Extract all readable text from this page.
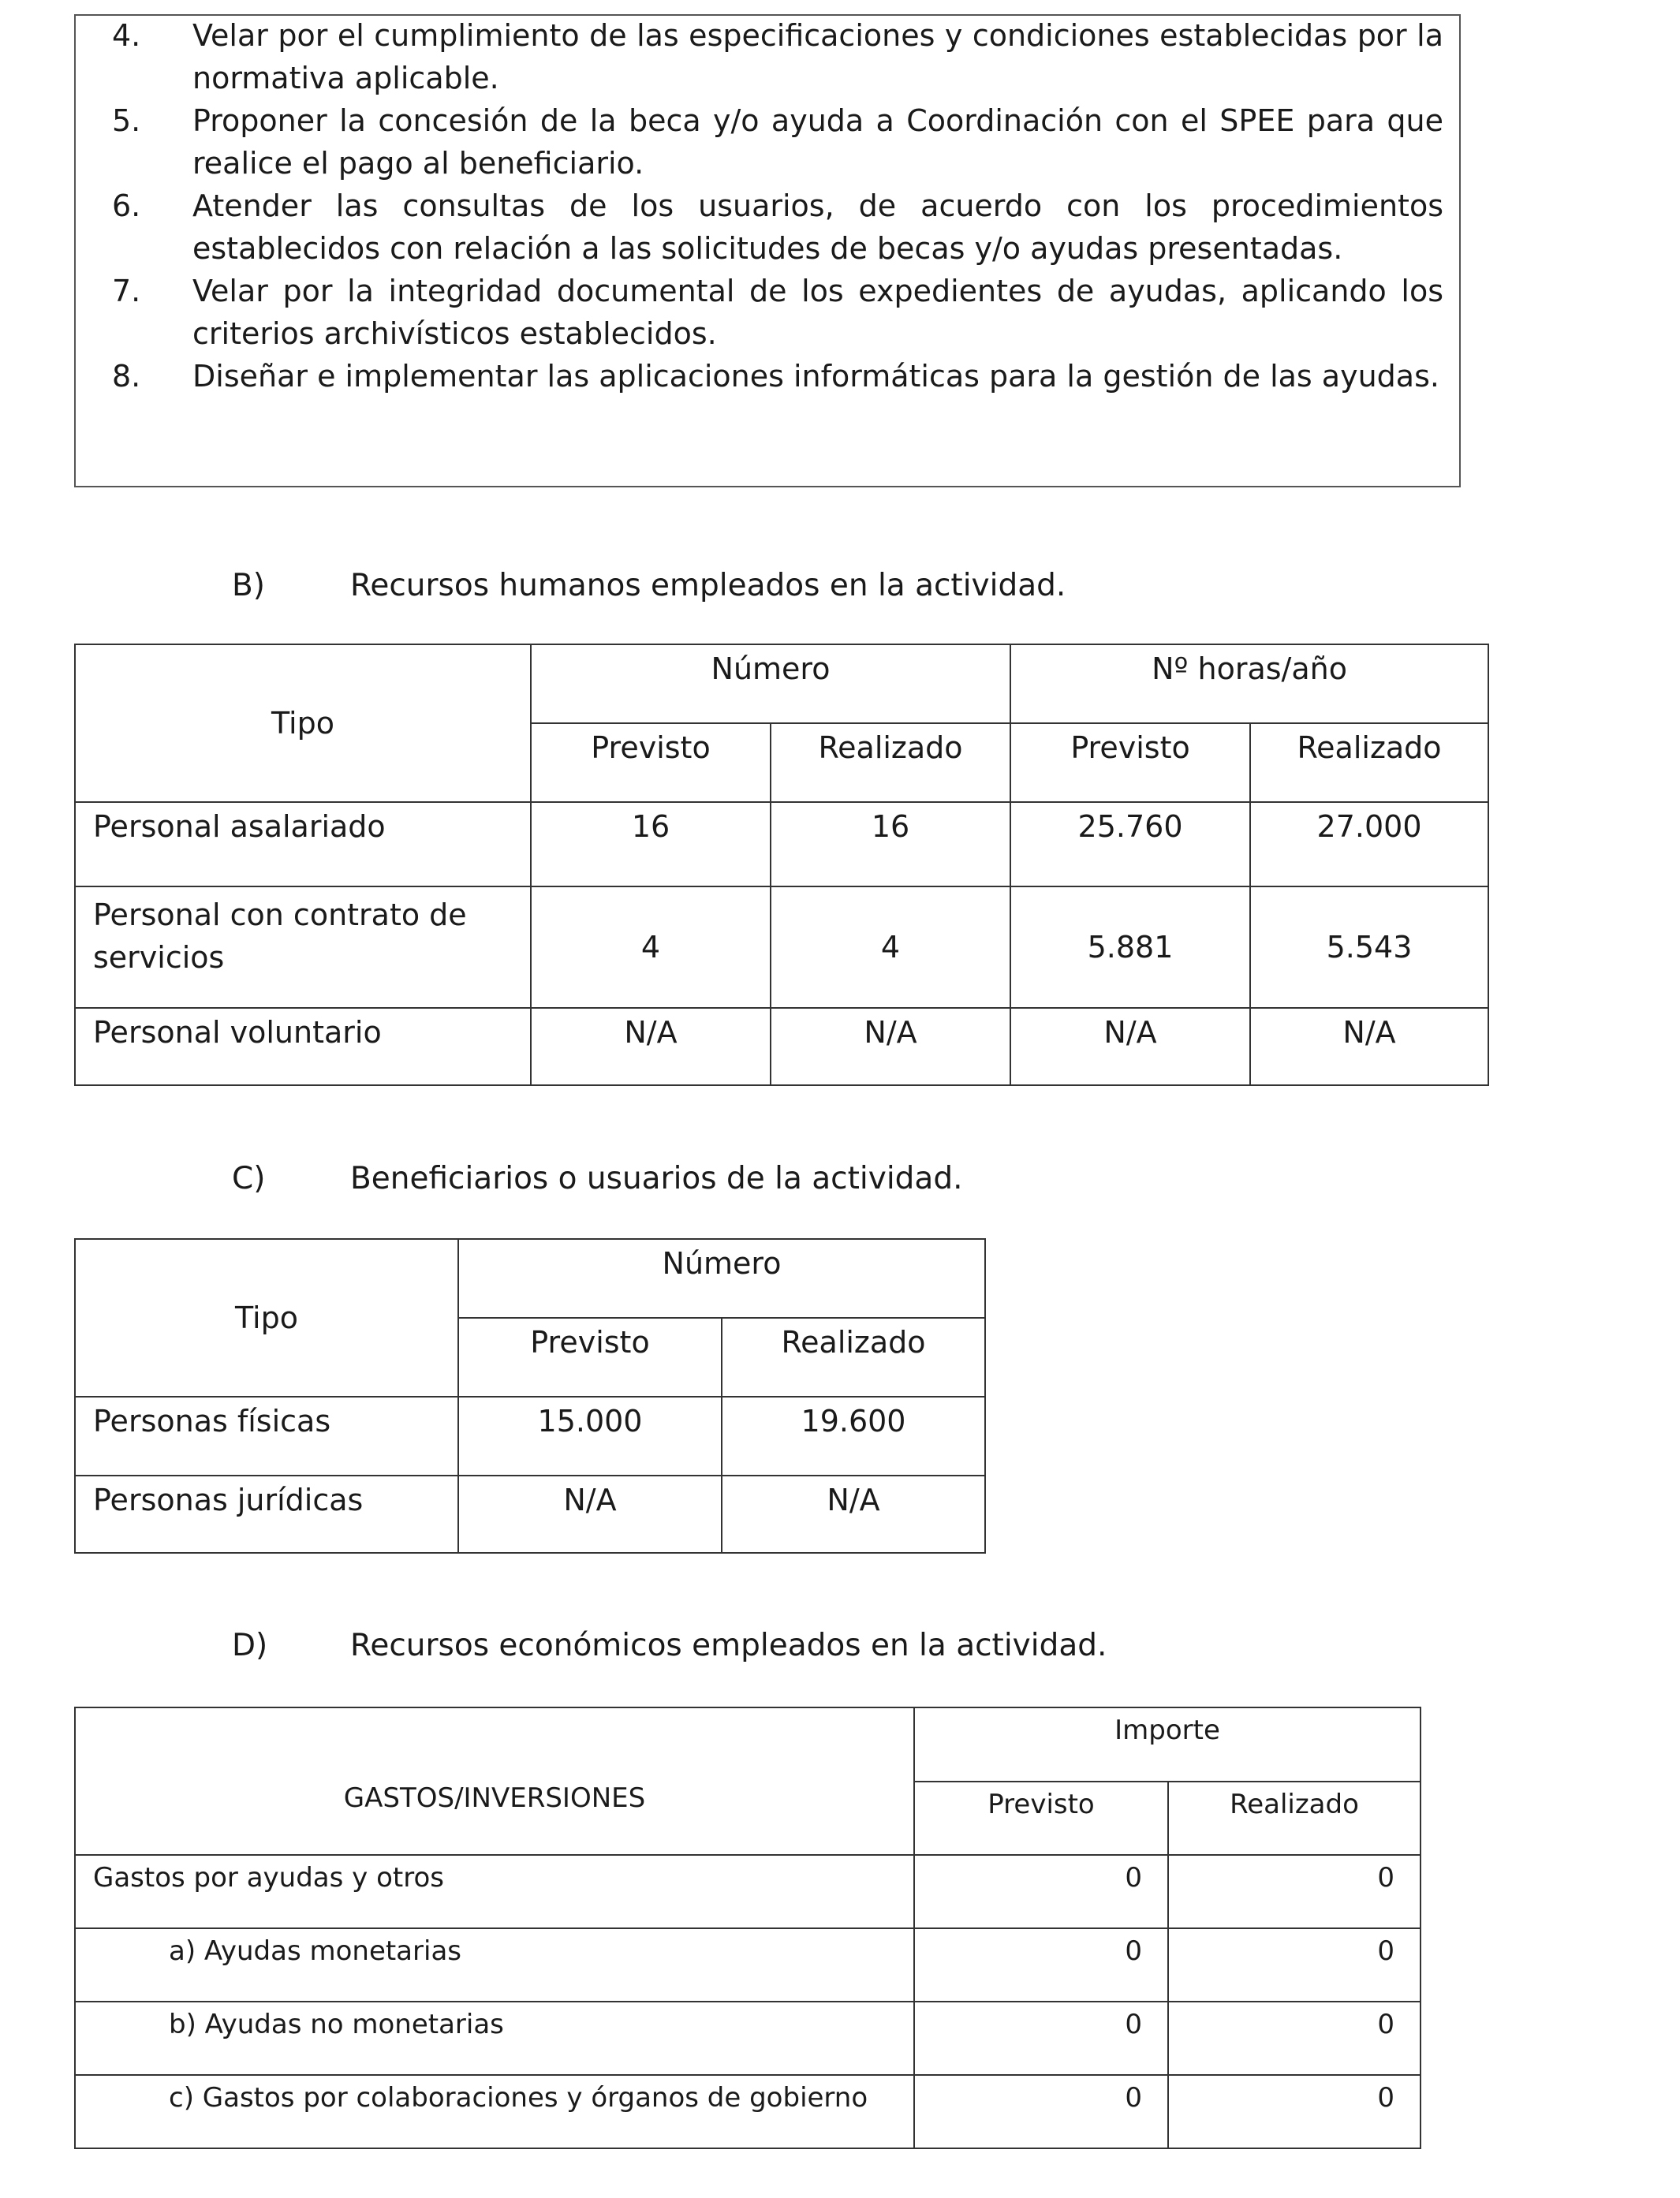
4. Velar por el cumplimiento de las especificaciones y condiciones establecidas por la normativa aplicable.
5. Proponer la concesión de la beca y/o ayuda a Coordinación con el SPEE para que realice el pago al beneficiario.
6. Atender las consultas de los usuarios, de acuerdo con los procedimientos establecidos con relación a las solicitudes de becas y/o ayudas presentadas.
7. Velar por la integridad documental de los expedientes de ayudas, aplicando los criterios archivísticos establecidos.
8. Diseñar e implementar las aplicaciones informáticas para la gestión de las ayudas.
B)	Recursos humanos empleados en la actividad.
Tipo	Número		Nº horas/año	
	Previsto	Realizado	Previsto	Realizado
Personal asalariado	16	16	25.760	27.000
Personal con contrato de servicios	4	4	5.881	5.543
Personal voluntario	N/A	N/A	N/A	N/A
C)	Beneficiarios o usuarios de la actividad.
Tipo	Número	
	Previsto	Realizado
Personas físicas	15.000	19.600
Personas jurídicas	N/A	N/A
D)	Recursos económicos empleados en la actividad.
GASTOS/INVERSIONES	Importe	
	Previsto	Realizado
Gastos por ayudas y otros	0	0
a) Ayudas monetarias	0	0
b) Ayudas no monetarias	0	0
c) Gastos por colaboraciones y órganos de gobierno	0	0
